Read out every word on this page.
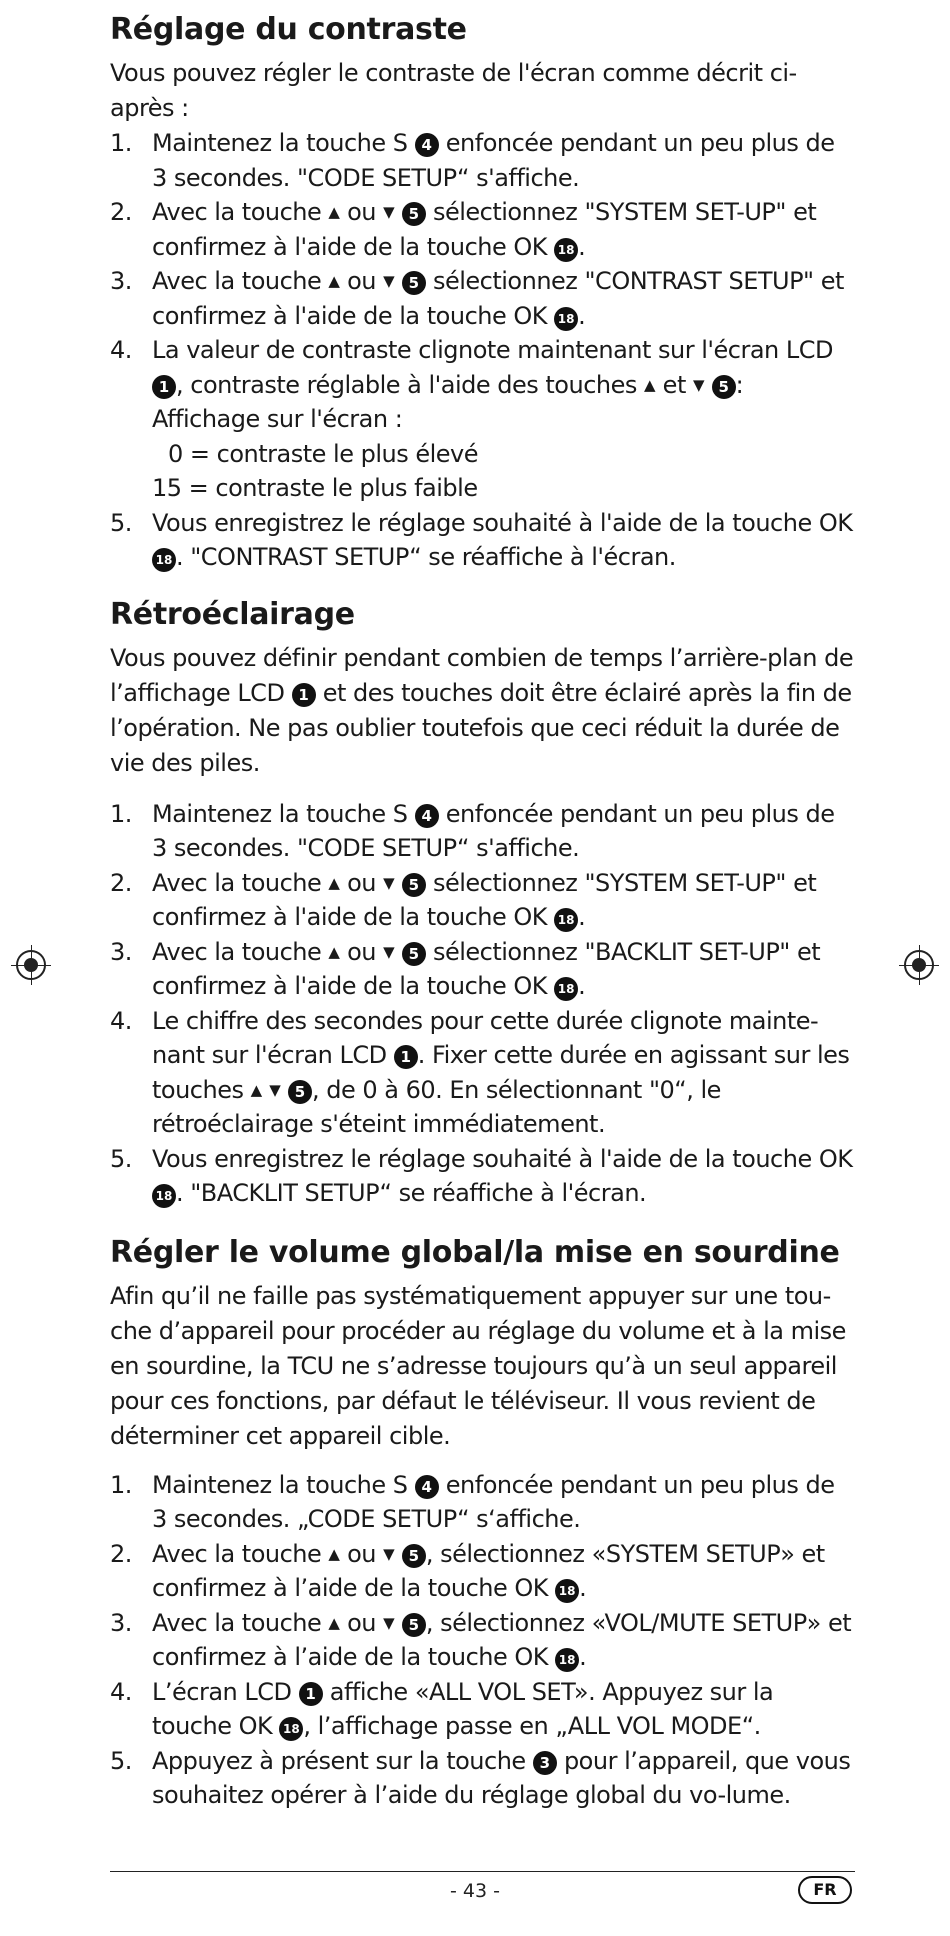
Réglage du contraste

Vous pouvez régler le contraste de l'écran comme décrit ci-après :

1. Maintenez la touche S 4 enfoncée pendant un peu plus de 3 secondes. "CODE SETUP“ s'affiche.
2. Avec la touche ▲ ou ▼ 5 sélectionnez "SYSTEM SET-UP" et confirmez à l'aide de la touche OK 18 .
3. Avec la touche ▲ ou ▼ 5 sélectionnez "CONTRAST SETUP" et confirmez à l'aide de la touche OK 18 .
4. La valeur de contraste clignote maintenant sur l'écran LCD 1 , contraste réglable à l'aide des touches ▲ et ▼ 5 :
Affichage sur l'écran :
0 = contraste le plus élevé
15 = contraste le plus faible
5. Vous enregistrez le réglage souhaité à l'aide de la touche OK 18 . "CONTRAST SETUP“ se réaffiche à l'écran.
Rétroéclairage

Vous pouvez définir pendant combien de temps l’arrière-plan de l’affichage LCD 1 et des touches doit être éclairé après la fin de l’opération. Ne pas oublier toutefois que ceci réduit la durée de vie des piles.

1. Maintenez la touche S 4 enfoncée pendant un peu plus de 3 secondes. "CODE SETUP“ s'affiche.
2. Avec la touche ▲ ou ▼ 5 sélectionnez "SYSTEM SET-UP" et confirmez à l'aide de la touche OK 18 .
3. Avec la touche ▲ ou ▼ 5 sélectionnez "BACKLIT SET-UP" et confirmez à l'aide de la touche OK 18 .
4. Le chiffre des secondes pour cette durée clignote mainte-nant sur l'écran LCD 1 . Fixer cette durée en agissant sur les touches ▲ ▼ 5 , de 0 à 60. En sélectionnant "0“, le rétroéclairage s'éteint immédiatement.
5. Vous enregistrez le réglage souhaité à l'aide de la touche OK 18 . "BACKLIT SETUP“ se réaffiche à l'écran.
Régler le volume global/la mise en sourdine

Afin qu’il ne faille pas systématiquement appuyer sur une tou-che d’appareil pour procéder au réglage du volume et à la mise en sourdine, la TCU ne s’adresse toujours qu’à un seul appareil pour ces fonctions, par défaut le téléviseur. Il vous revient de déterminer cet appareil cible.

1. Maintenez la touche S 4 enfoncée pendant un peu plus de 3 secondes. „CODE SETUP“ s‘affiche.
2. Avec la touche ▲ ou ▼ 5 , sélectionnez «SYSTEM SETUP» et confirmez à l’aide de la touche OK 18 .
3. Avec la touche ▲ ou ▼ 5 , sélectionnez «VOL/MUTE SETUP» et confirmez à l’aide de la touche OK 18 .
4. L’écran LCD 1 affiche «ALL VOL SET». Appuyez sur la touche OK 18 , l’affichage passe en „ALL VOL MODE“.
5. Appuyez à présent sur la touche 3 pour l’appareil, que vous souhaitez opérer à l’aide du réglage global du vo-lume.
- 43 -	FR
